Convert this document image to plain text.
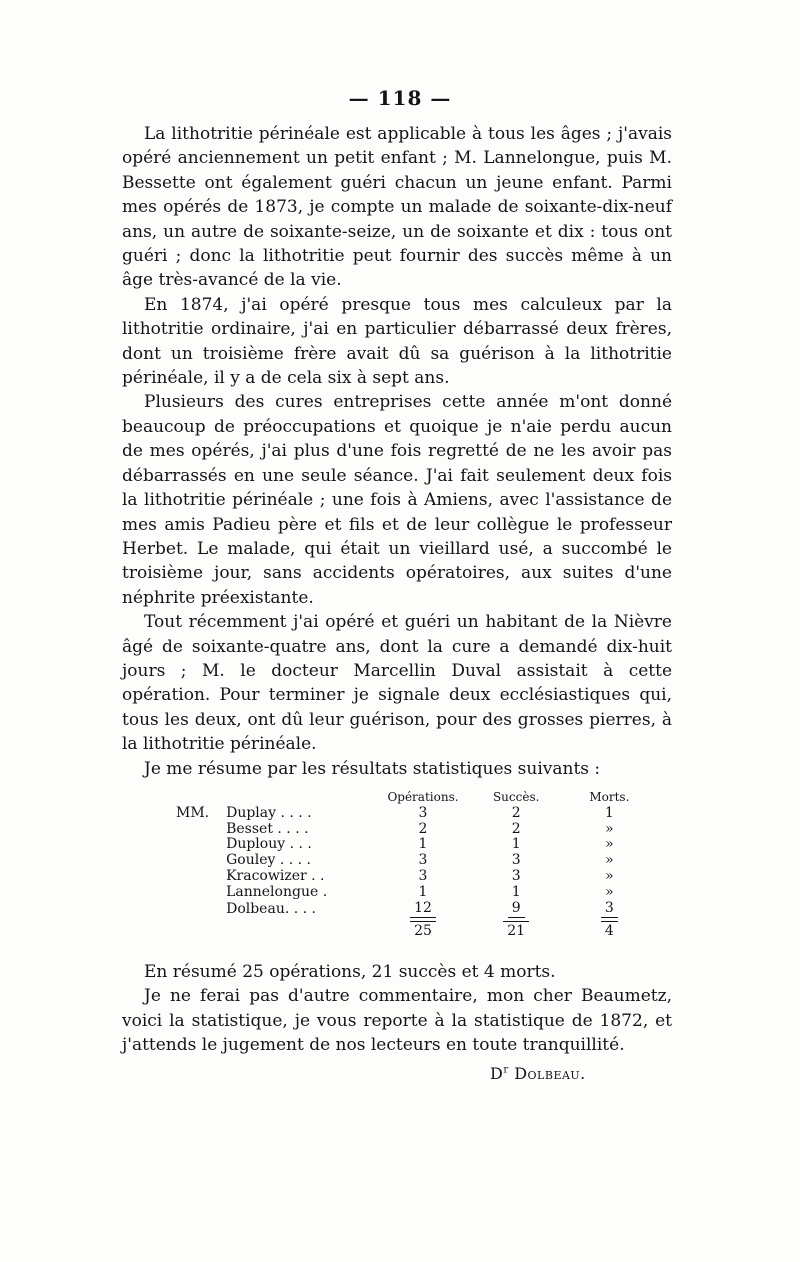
— 118 —

La lithotritie périnéale est applicable à tous les âges ; j'avais opéré anciennement un petit enfant ; M. Lannelongue, puis M. Bessette ont également guéri chacun un jeune enfant. Parmi mes opérés de 1873, je compte un malade de soixante-dix-neuf ans, un autre de soixante-seize, un de soixante et dix : tous ont guéri ; donc la lithotritie peut fournir des succès même à un âge très-avancé de la vie.

En 1874, j'ai opéré presque tous mes calculeux par la lithotritie ordinaire, j'ai en particulier débarrassé deux frères, dont un troisième frère avait dû sa guérison à la lithotritie périnéale, il y a de cela six à sept ans.

Plusieurs des cures entreprises cette année m'ont donné beaucoup de préoccupations et quoique je n'aie perdu aucun de mes opérés, j'ai plus d'une fois regretté de ne les avoir pas débarrassés en une seule séance. J'ai fait seulement deux fois la lithotritie périnéale ; une fois à Amiens, avec l'assistance de mes amis Padieu père et fils et de leur collègue le professeur Herbet. Le malade, qui était un vieillard usé, a succombé le troisième jour, sans accidents opératoires, aux suites d'une néphrite préexistante.

Tout récemment j'ai opéré et guéri un habitant de la Nièvre âgé de soixante-quatre ans, dont la cure a demandé dix-huit jours ; M. le docteur Marcellin Duval assistait à cette opération. Pour terminer je signale deux ecclésiastiques qui, tous les deux, ont dû leur guérison, pour des grosses pierres, à la lithotritie périnéale.

Je me résume par les résultats statistiques suivants :

		Opérations.	Succès.	Morts.
MM.	Duplay . . . .	3	2	1
	Besset . . . .	2	2	»
	Duplouy . . .	1	1	»
	Gouley . . . .	3	3	»
	Kracowizer . .	3	3	»
	Lannelongue .	1	1	»
	Dolbeau. . . .	12	9	3
		25	21	4

En résumé 25 opérations, 21 succès et 4 morts.

Je ne ferai pas d'autre commentaire, mon cher Beaumetz, voici la statistique, je vous reporte à la statistique de 1872, et j'attends le jugement de nos lecteurs en toute tranquillité.

$D^r$ Dolbeau.
